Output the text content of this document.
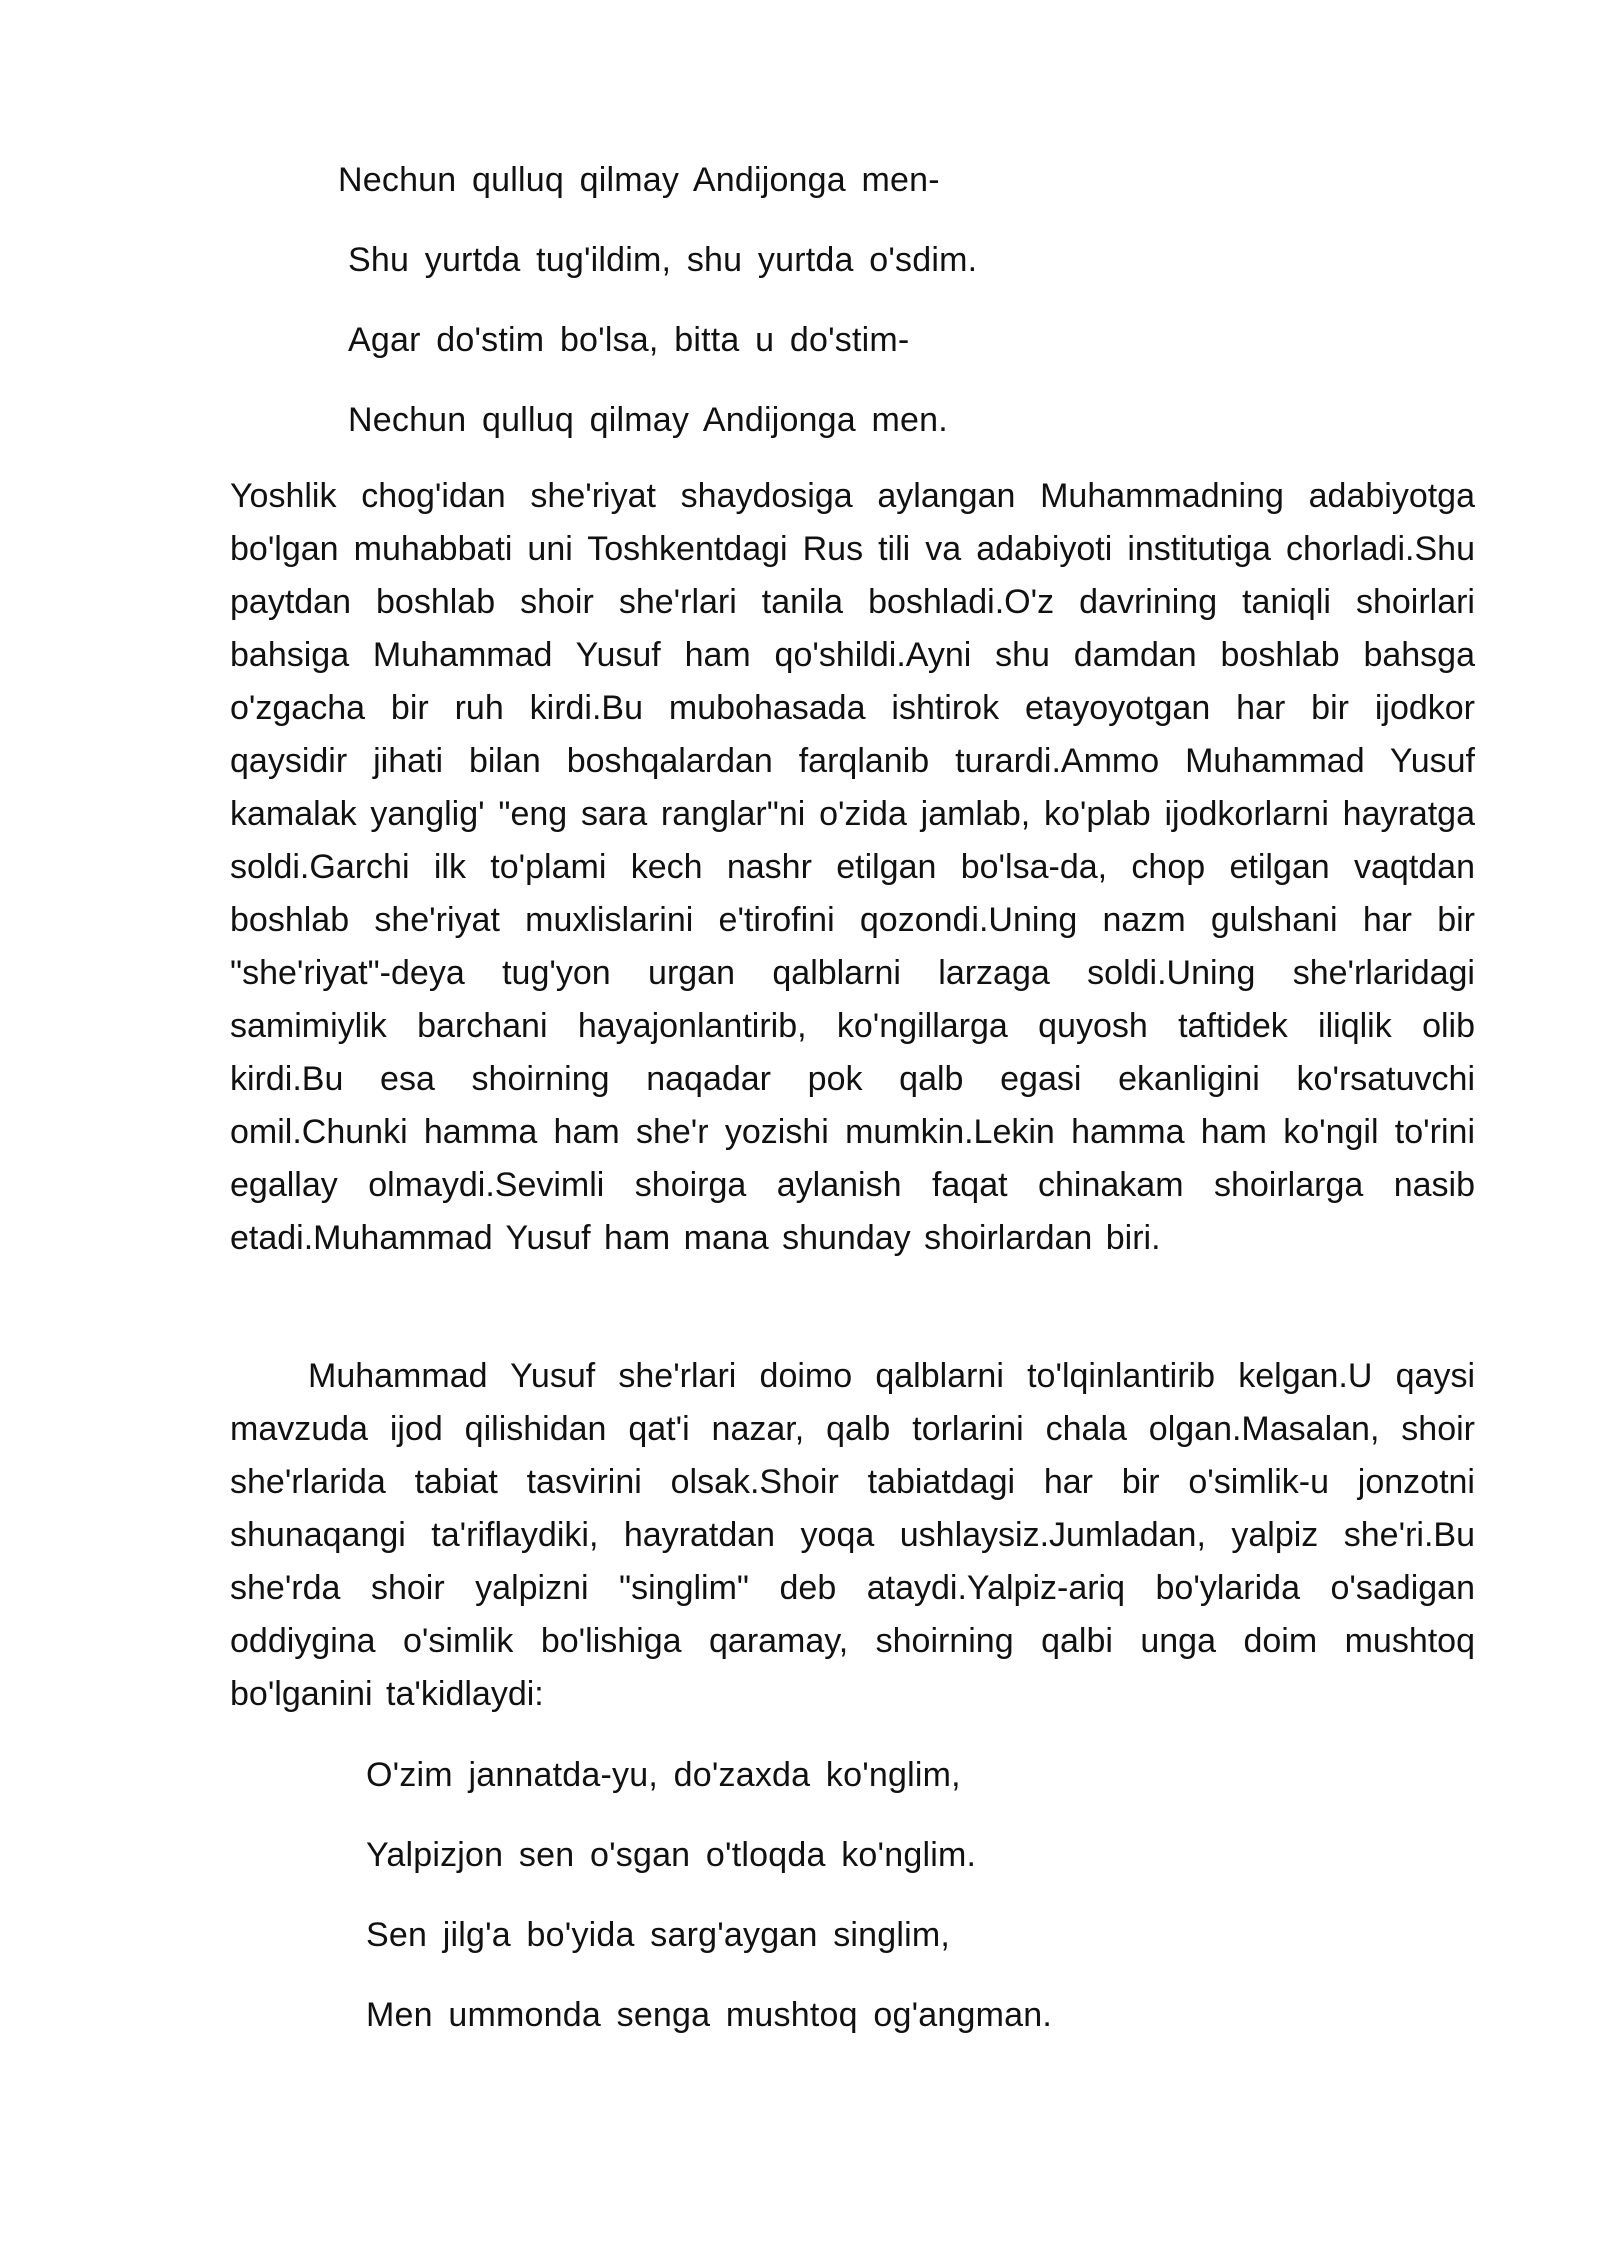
Nechun qulluq qilmay Andijonga men-
Shu yurtda tug'ildim, shu yurtda o'sdim.
Agar do'stim bo'lsa, bitta u do'stim-
Nechun qulluq qilmay Andijonga men.

Yoshlik chog'idan she'riyat shaydosiga aylangan Muhammadning adabiyotga bo'lgan muhabbati uni Toshkentdagi Rus tili va adabiyoti institutiga chorladi.Shu paytdan boshlab shoir she'rlari tanila boshladi.O'z davrining taniqli shoirlari bahsiga Muhammad Yusuf ham qo'shildi.Ayni shu damdan boshlab bahsga o'zgacha bir ruh kirdi.Bu mubohasada ishtirok etayoyotgan har bir ijodkor qaysidir jihati bilan boshqalardan farqlanib turardi.Ammo Muhammad Yusuf kamalak yanglig' "eng sara ranglar"ni o'zida jamlab, ko'plab ijodkorlarni hayratga soldi.Garchi ilk to'plami kech nashr etilgan bo'lsa-da, chop etilgan vaqtdan boshlab she'riyat muxlislarini e'tirofini qozondi.Uning nazm gulshani har bir "she'riyat"-deya tug'yon urgan qalblarni larzaga soldi.Uning she'rlaridagi samimiylik barchani hayajonlantirib, ko'ngillarga quyosh taftidek iliqlik olib kirdi.Bu esa shoirning naqadar pok qalb egasi ekanligini ko'rsatuvchi omil.Chunki hamma ham she'r yozishi mumkin.Lekin hamma ham ko'ngil to'rini egallay olmaydi.Sevimli shoirga aylanish faqat chinakam shoirlarga nasib etadi.Muhammad Yusuf ham mana shunday shoirlardan biri.

Muhammad Yusuf she'rlari doimo qalblarni to'lqinlantirib kelgan.U qaysi mavzuda ijod qilishidan qat'i nazar, qalb torlarini chala olgan.Masalan, shoir she'rlarida tabiat tasvirini olsak.Shoir tabiatdagi har bir o'simlik-u jonzotni shunaqangi ta'riflaydiki, hayratdan yoqa ushlaysiz.Jumladan, yalpiz she'ri.Bu she'rda shoir yalpizni "singlim" deb ataydi.Yalpiz-ariq bo'ylarida o'sadigan oddiygina o'simlik bo'lishiga qaramay, shoirning qalbi unga doim mushtoq bo'lganini ta'kidlaydi:

O'zim jannatda-yu, do'zaxda ko'nglim,
Yalpizjon sen o'sgan o'tloqda ko'nglim.
Sen jilg'a bo'yida sarg'aygan singlim,
Men ummonda senga mushtoq og'angman.
